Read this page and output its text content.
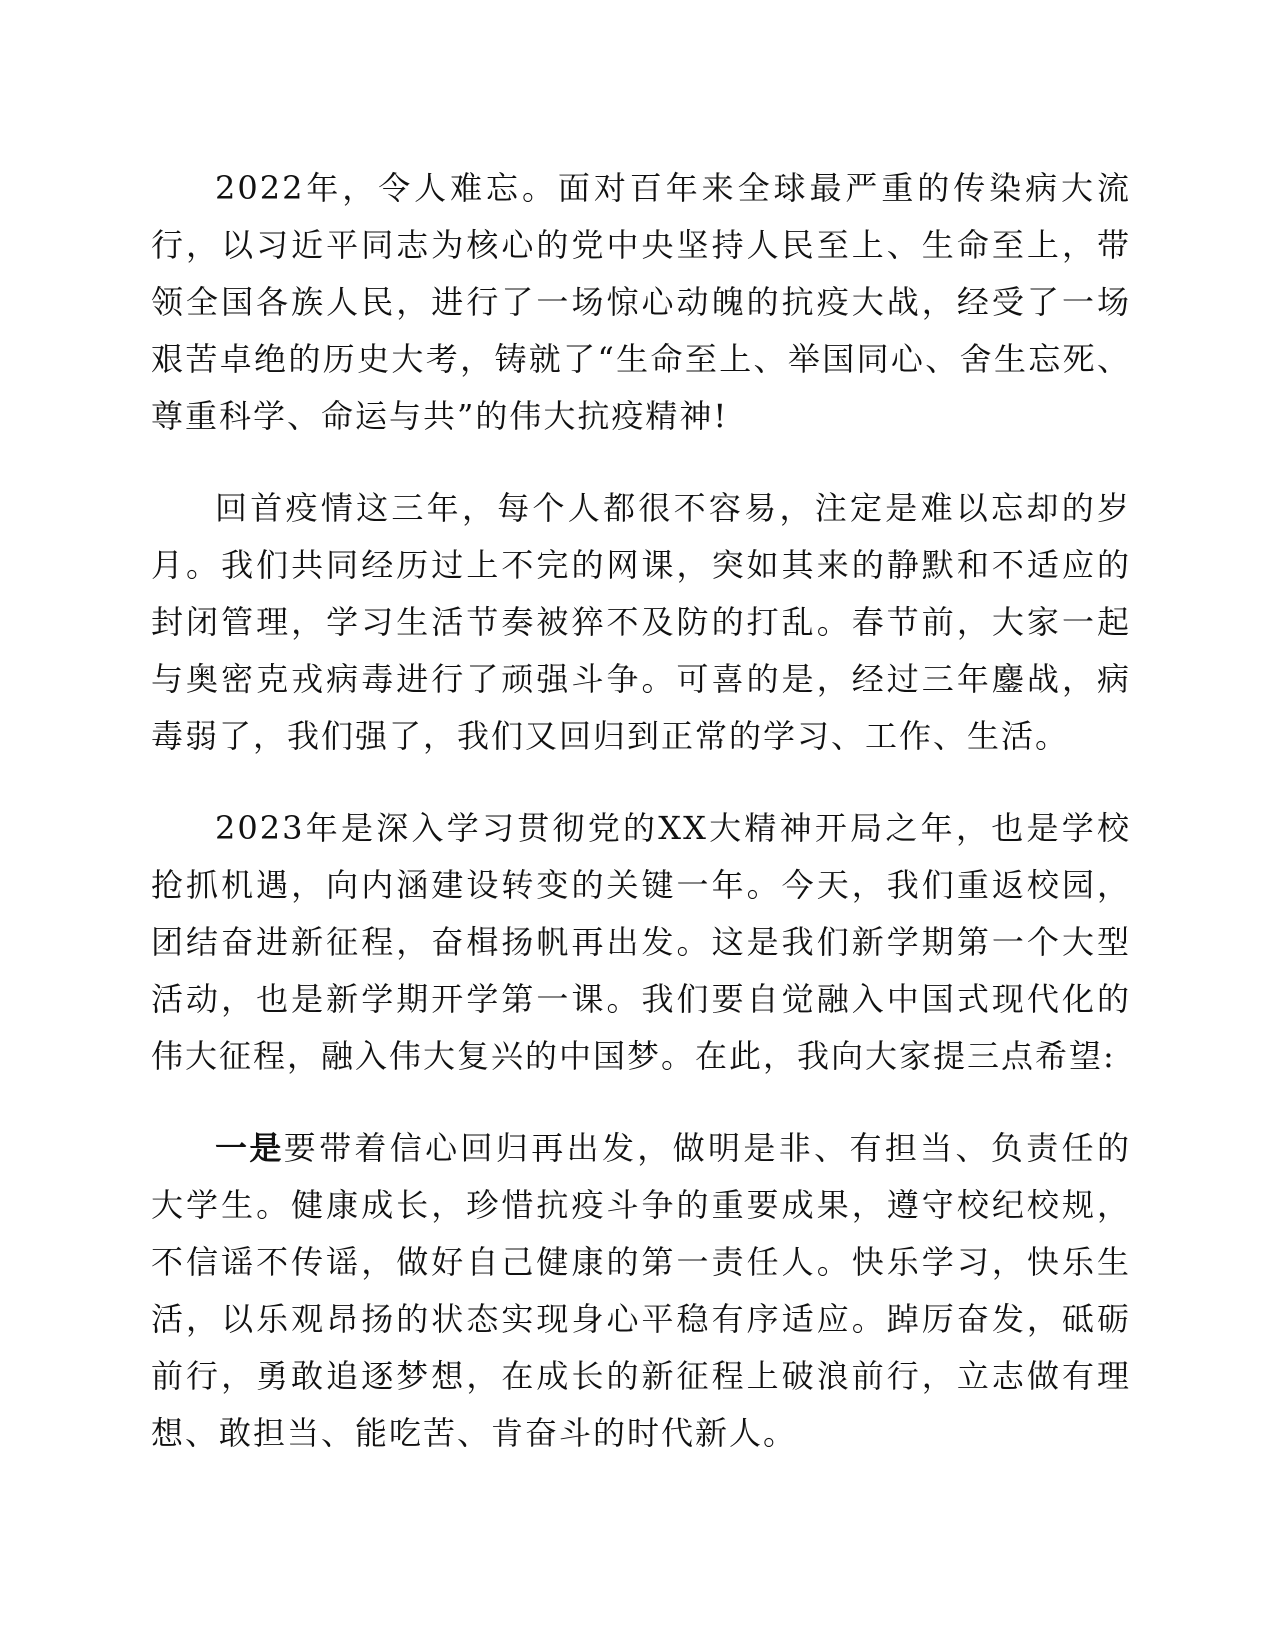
2022年，令人难忘。面对百年来全球最严重的传染病大流行，以习近平同志为核心的党中央坚持人民至上、生命至上，带领全国各族人民，进行了一场惊心动魄的抗疫大战，经受了一场艰苦卓绝的历史大考，铸就了“生命至上、举国同心、舍生忘死、尊重科学、命运与共”的伟大抗疫精神!

回首疫情这三年，每个人都很不容易，注定是难以忘却的岁月。我们共同经历过上不完的网课，突如其来的静默和不适应的封闭管理，学习生活节奏被猝不及防的打乱。春节前，大家一起与奥密克戎病毒进行了顽强斗争。可喜的是，经过三年鏖战，病毒弱了，我们强了，我们又回归到正常的学习、工作、生活。

2023年是深入学习贯彻党的XX大精神开局之年，也是学校抢抓机遇，向内涵建设转变的关键一年。今天，我们重返校园，团结奋进新征程，奋楫扬帆再出发。这是我们新学期第一个大型活动，也是新学期开学第一课。我们要自觉融入中国式现代化的伟大征程，融入伟大复兴的中国梦。在此，我向大家提三点希望:

一是要带着信心回归再出发，做明是非、有担当、负责任的大学生。健康成长，珍惜抗疫斗争的重要成果，遵守校纪校规，不信谣不传谣，做好自己健康的第一责任人。快乐学习，快乐生活，以乐观昂扬的状态实现身心平稳有序适应。踔厉奋发，砥砺前行，勇敢追逐梦想，在成长的新征程上破浪前行，立志做有理想、敢担当、能吃苦、肯奋斗的时代新人。
